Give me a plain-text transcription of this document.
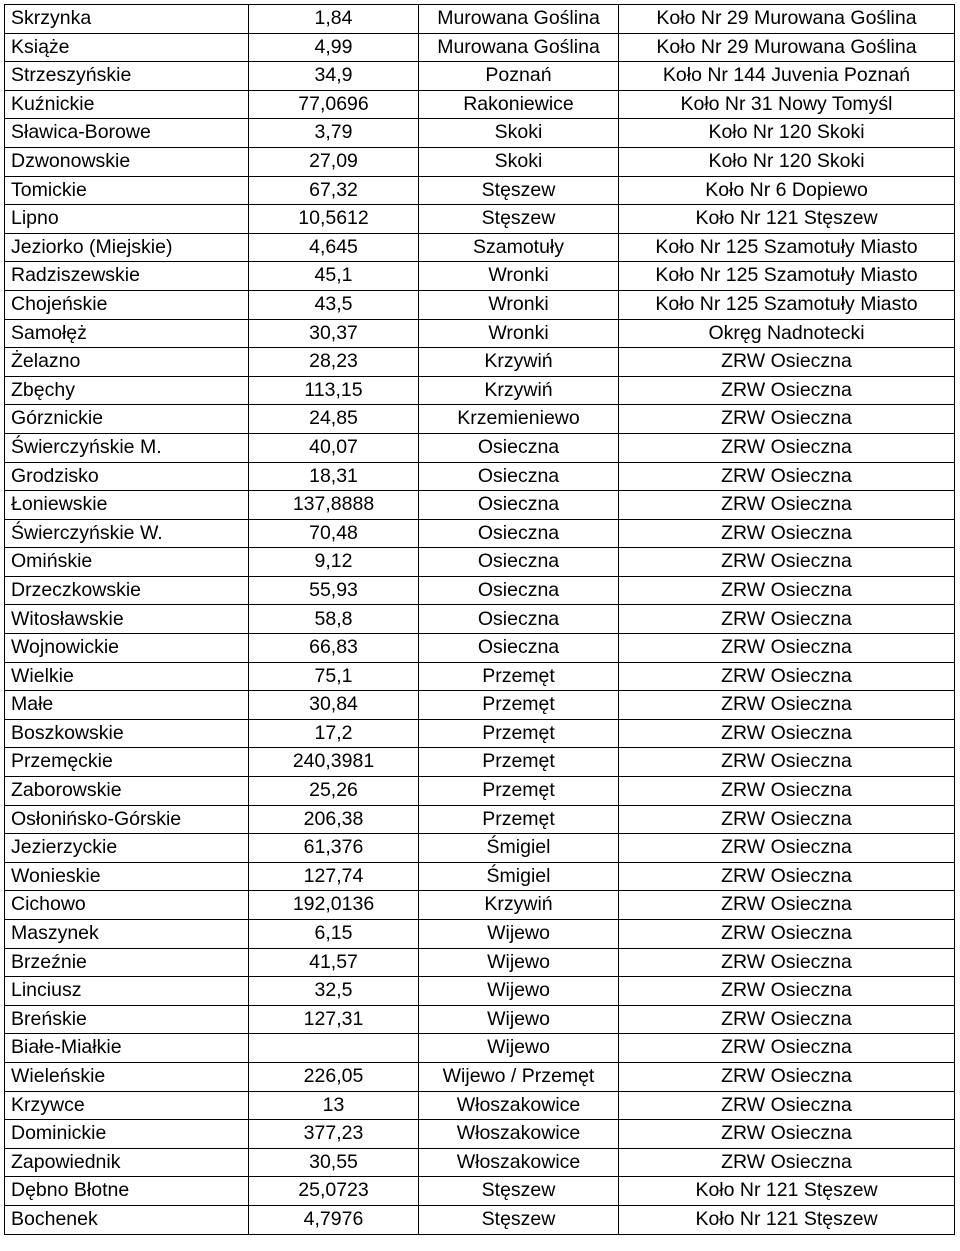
Skrzynka	1,84	Murowana Goślina	Koło Nr 29 Murowana Goślina
Książe	4,99	Murowana Goślina	Koło Nr 29 Murowana Goślina
Strzeszyńskie	34,9	Poznań	Koło Nr 144 Juvenia Poznań
Kuźnickie	77,0696	Rakoniewice	Koło Nr 31 Nowy Tomyśl
Sławica-Borowe	3,79	Skoki	Koło Nr 120 Skoki
Dzwonowskie	27,09	Skoki	Koło Nr 120 Skoki
Tomickie	67,32	Stęszew	Koło Nr 6 Dopiewo
Lipno	10,5612	Stęszew	Koło Nr 121 Stęszew
Jeziorko (Miejskie)	4,645	Szamotuły	Koło Nr 125 Szamotuły Miasto
Radziszewskie	45,1	Wronki	Koło Nr 125 Szamotuły Miasto
Chojeńskie	43,5	Wronki	Koło Nr 125 Szamotuły Miasto
Samołęż	30,37	Wronki	Okręg Nadnotecki
Żelazno	28,23	Krzywiń	ZRW Osieczna
Zbęchy	113,15	Krzywiń	ZRW Osieczna
Górznickie	24,85	Krzemieniewo	ZRW Osieczna
Świerczyńskie M.	40,07	Osieczna	ZRW Osieczna
Grodzisko	18,31	Osieczna	ZRW Osieczna
Łoniewskie	137,8888	Osieczna	ZRW Osieczna
Świerczyńskie W.	70,48	Osieczna	ZRW Osieczna
Omińskie	9,12	Osieczna	ZRW Osieczna
Drzeczkowskie	55,93	Osieczna	ZRW Osieczna
Witosławskie	58,8	Osieczna	ZRW Osieczna
Wojnowickie	66,83	Osieczna	ZRW Osieczna
Wielkie	75,1	Przemęt	ZRW Osieczna
Małe	30,84	Przemęt	ZRW Osieczna
Boszkowskie	17,2	Przemęt	ZRW Osieczna
Przemęckie	240,3981	Przemęt	ZRW Osieczna
Zaborowskie	25,26	Przemęt	ZRW Osieczna
Osłonińsko-Górskie	206,38	Przemęt	ZRW Osieczna
Jezierzyckie	61,376	Śmigiel	ZRW Osieczna
Wonieskie	127,74	Śmigiel	ZRW Osieczna
Cichowo	192,0136	Krzywiń	ZRW Osieczna
Maszynek	6,15	Wijewo	ZRW Osieczna
Brzeźnie	41,57	Wijewo	ZRW Osieczna
Linciusz	32,5	Wijewo	ZRW Osieczna
Breńskie	127,31	Wijewo	ZRW Osieczna
Białe-Miałkie		Wijewo	ZRW Osieczna
Wieleńskie	226,05	Wijewo / Przemęt	ZRW Osieczna
Krzywce	13	Włoszakowice	ZRW Osieczna
Dominickie	377,23	Włoszakowice	ZRW Osieczna
Zapowiednik	30,55	Włoszakowice	ZRW Osieczna
Dębno Błotne	25,0723	Stęszew	Koło Nr 121 Stęszew
Bochenek	4,7976	Stęszew	Koło Nr 121 Stęszew
